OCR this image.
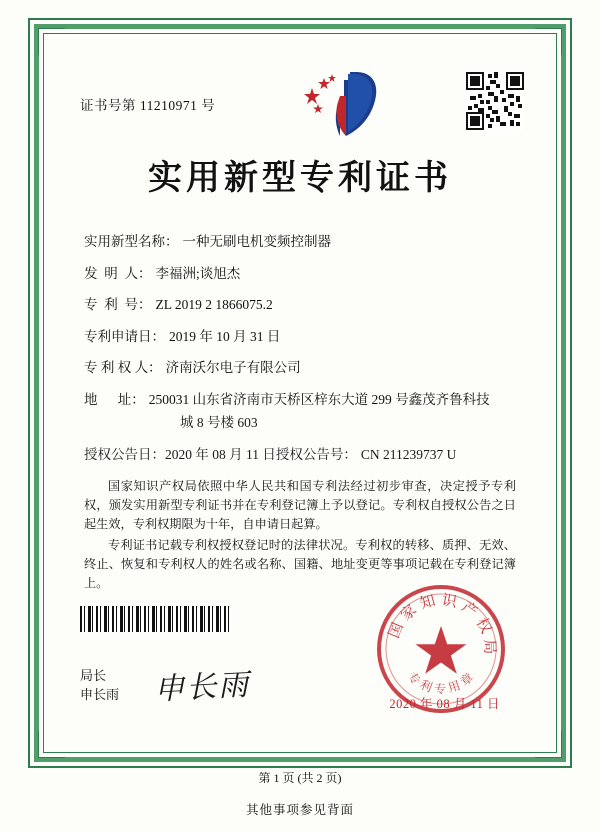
证书号第 11210971 号
实用新型专利证书
实用新型名称： 一种无刷电机变频控制器
发  明  人： 李福洲;谈旭杰
专  利  号： ZL 2019 2 1866075.2
专利申请日： 2019 年 10 月 31 日
专 利 权 人： 济南沃尔电子有限公司
地      址： 250031 山东省济南市天桥区梓东大道 299 号鑫茂齐鲁科技
城 8 号楼 603
授权公告日： 2020 年 08 月 11 日 授权公告号： CN 211239737 U

国家知识产权局依照中华人民共和国专利法经过初步审查，决定授予专利权，颁发实用新型专利证书并在专利登记簿上予以登记。专利权自授权公告之日起生效，专利权期限为十年，自申请日起算。

专利证书记载专利权授权登记时的法律状况。专利权的转移、质押、无效、终止、恢复和专利权人的姓名或名称、国籍、地址变更等事项记载在专利登记簿上。

局长
申长雨 申长雨
国 家 知 识 产 权 局
专 利 专 用 章
2020 年 08 月 11 日
第 1 页 (共 2 页)
其他事项参见背面
